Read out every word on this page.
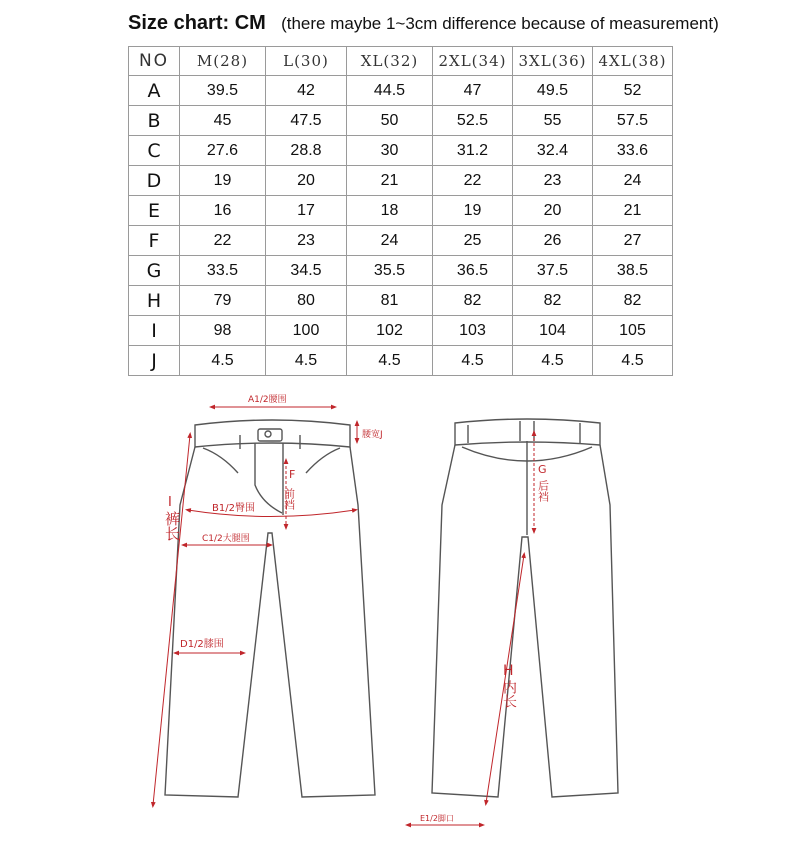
Size chart: CM (there maybe 1~3cm difference because of measurement)
NO	M(28)	L(30)	XL(32)	2XL(34)	3XL(36)	4XL(38)
A	39.5	42	44.5	47	49.5	52
B	45	47.5	50	52.5	55	57.5
C	27.6	28.8	30	31.2	32.4	33.6
D	19	20	21	22	23	24
E	16	17	18	19	20	21
F	22	23	24	25	26	27
G	33.5	34.5	35.5	36.5	37.5	38.5
H	79	80	81	82	82	82
I	98	100	102	103	104	105
J	4.5	4.5	4.5	4.5	4.5	4.5
A1/2腰围
腰宽J
F
前裆
B1/2臀围
C1/2大腿围
I
裤长
D1/2膝围
G
后裆
H
内长
E1/2脚口
